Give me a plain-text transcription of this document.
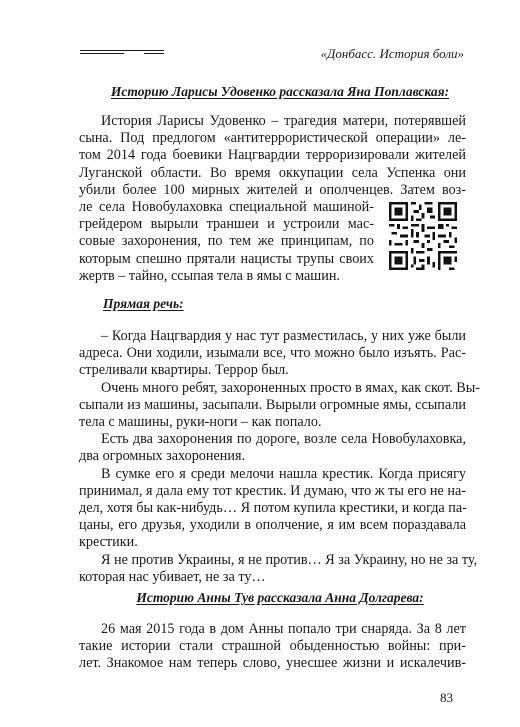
«Донбасс. История боли»
Историю Ларисы Удовенко рассказала Яна Поплавская:
История Ларисы Удовенко – трагедия матери, потерявшей
сына. Под предлогом «антитеррористической операции» ле-
том 2014 года боевики Нацгвардии терроризировали жителей
Луганской области. Во время оккупации села Успенка они
убили более 100 мирных жителей и ополченцев. Затем воз-
ле села Новобулаховка специальной машиной-
грейдером вырыли траншеи и устроили мас-
совые захоронения, по тем же принципам, по
которым спешно прятали нацисты трупы своих
жертв – тайно, ссыпая тела в ямы с машин.
Прямая речь:
– Когда Нацгвардия у нас тут разместилась, у них уже были
адреса. Они ходили, изымали все, что можно было изъять. Рас-
стреливали квартиры. Террор был.
Очень много ребят, захороненных просто в ямах, как скот. Вы-
сыпали из машины, засыпали. Вырыли огромные ямы, ссыпали
тела с машины, руки-ноги – как попало.
Есть два захоронения по дороге, возле села Новобулаховка,
два огромных захоронения.
В сумке его я среди мелочи нашла крестик. Когда присягу
принимал, я дала ему тот крестик. И думаю, что ж ты его не на-
дел, хотя бы как-нибудь… Я потом купила крестики, и когда па-
цаны, его друзья, уходили в ополчение, я им всем пораздавала
крестики.
Я не против Украины, я не против… Я за Украину, но не за ту,
которая нас убивает, не за ту…
Историю Анны Тув рассказала Анна Долгарева:
26 мая 2015 года в дом Анны попало три снаряда. За 8 лет
такие истории стали страшной обыденностью войны: при-
лет. Знакомое нам теперь слово, унесшее жизни и искалечив-
83
